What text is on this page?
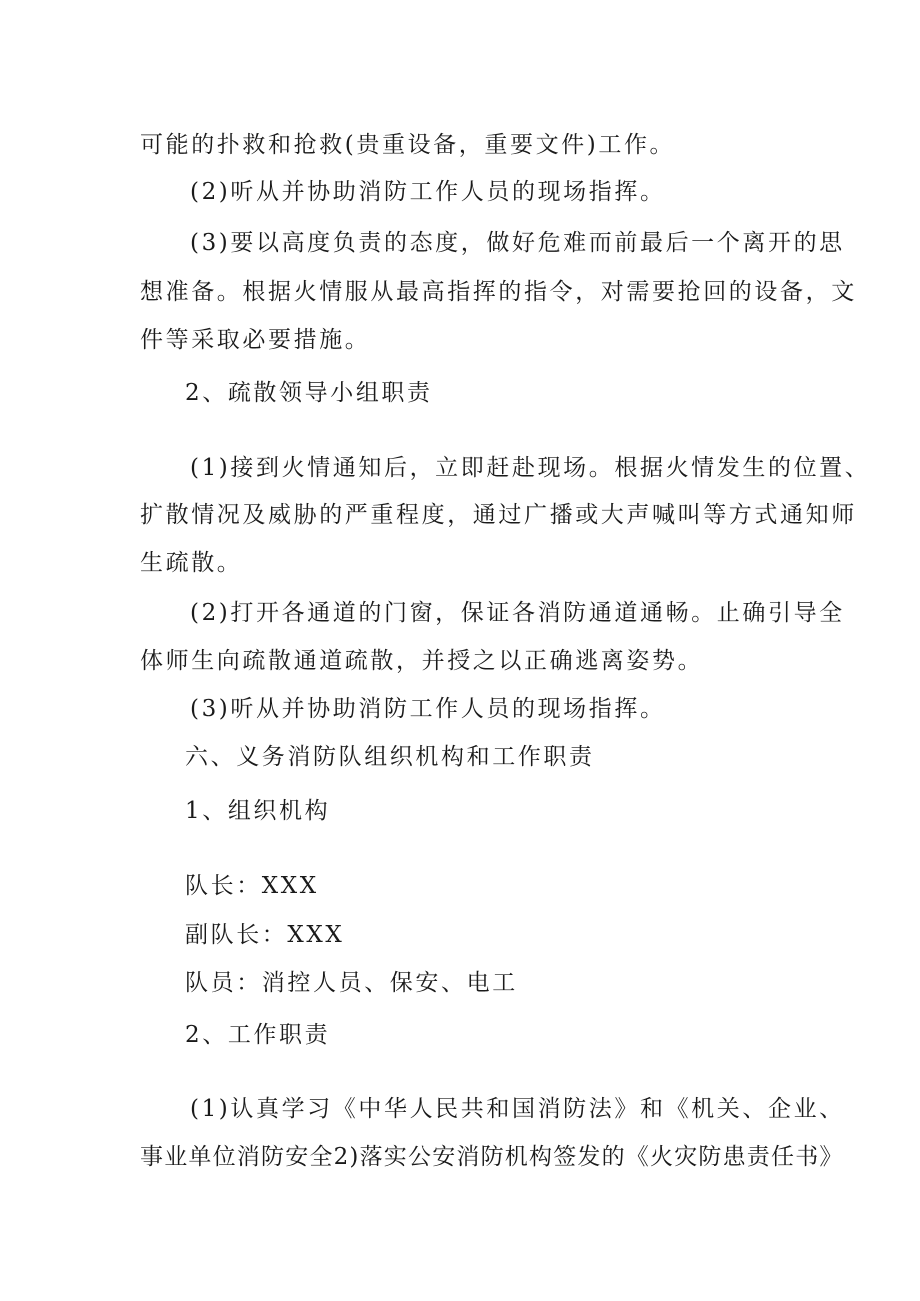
可能的扑救和抢救(贵重设备，重要文件)工作。
(2)听从并协助消防工作人员的现场指挥。
(3)要以高度负责的态度，做好危难而前最后一个离开的思
想准备。根据火情服从最高指挥的指令，对需要抢回的设备，文
件等采取必要措施。
2、疏散领导小组职责
(1)接到火情通知后，立即赶赴现场。根据火情发生的位置、
扩散情况及威胁的严重程度，通过广播或大声喊叫等方式通知师
生疏散。
(2)打开各通道的门窗，保证各消防通道通畅。止确引导全
体师生向疏散通道疏散，并授之以正确逃离姿势。
(3)听从并协助消防工作人员的现场指挥。
六、义务消防队组织机构和工作职责
1、组织机构
队长：XXX
副队长：XXX
队员：消控人员、保安、电工
2、工作职责
(1)认真学习《中华人民共和国消防法》和《机关、企业、
事业单位消防安全2)落实公安消防机构签发的《火灾防患责任书》
